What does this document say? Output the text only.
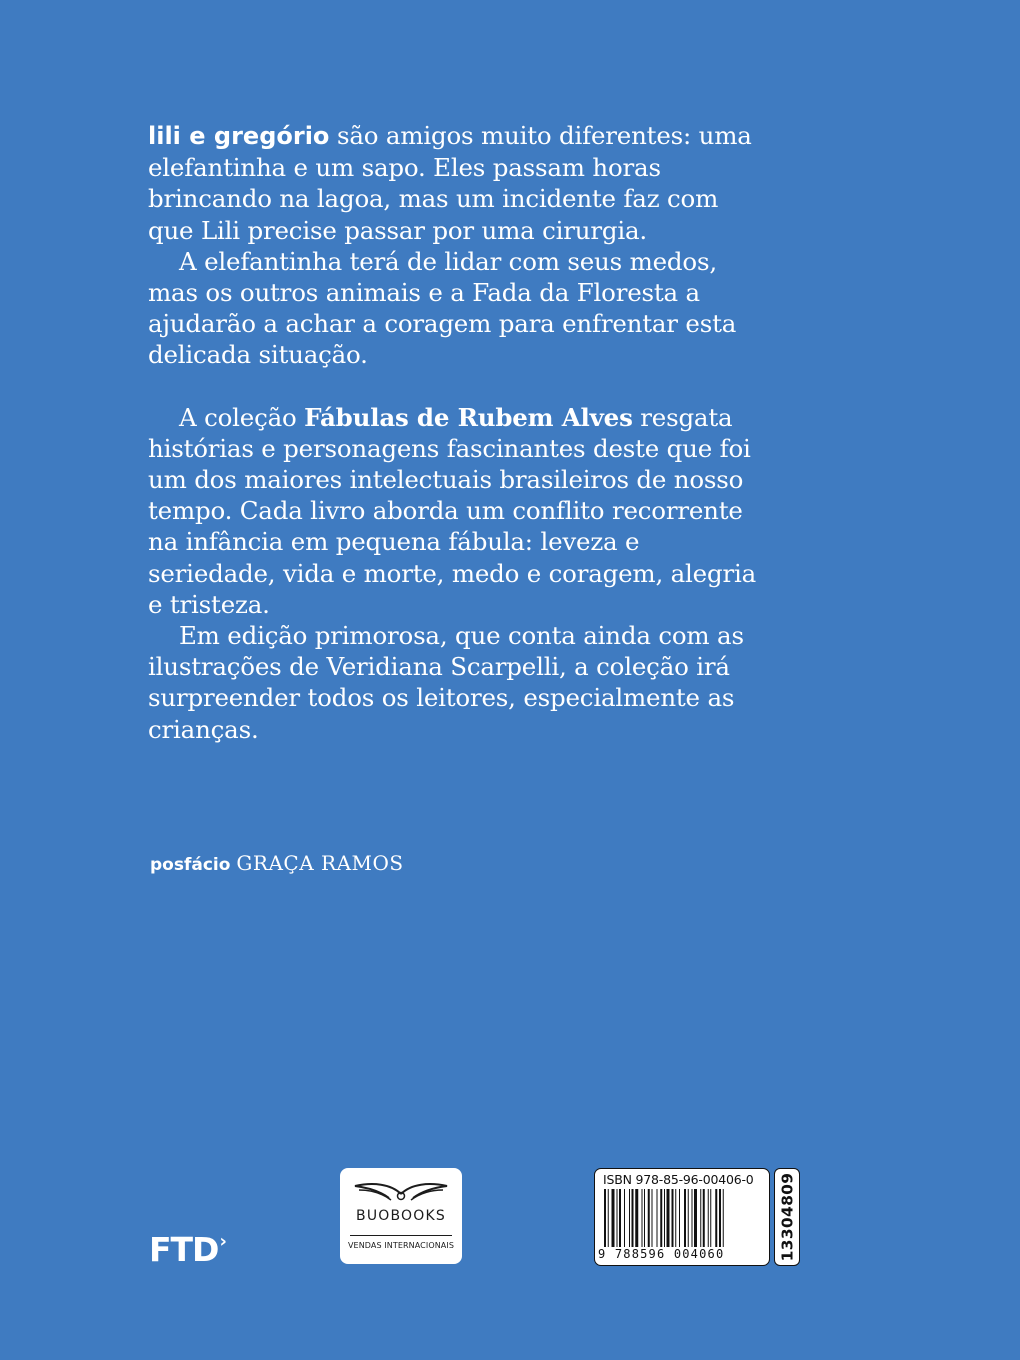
lili e gregório são amigos muito diferentes: uma elefantinha e um sapo. Eles passam horas brincando na lagoa, mas um incidente faz com que Lili precise passar por uma cirurgia.

A elefantinha terá de lidar com seus medos, mas os outros animais e a Fada da Floresta a ajudarão a achar a coragem para enfrentar esta delicada situação.

A coleção Fábulas de Rubem Alves resgata histórias e personagens fascinantes deste que foi um dos maiores intelectuais brasileiros de nosso tempo. Cada livro aborda um conflito recorrente na infância em pequena fábula: leveza e seriedade, vida e morte, medo e coragem, alegria e tristeza.

Em edição primorosa, que conta ainda com as ilustrações de Veridiana Scarpelli, a coleção irá surpreender todos os leitores, especialmente as crianças.

posfácio GRAÇA RAMOS
FTD›
BUOBOOKS
VENDAS INTERNACIONAIS
ISBN 978-85-96-00406-0
9 788596 004060	13304809
